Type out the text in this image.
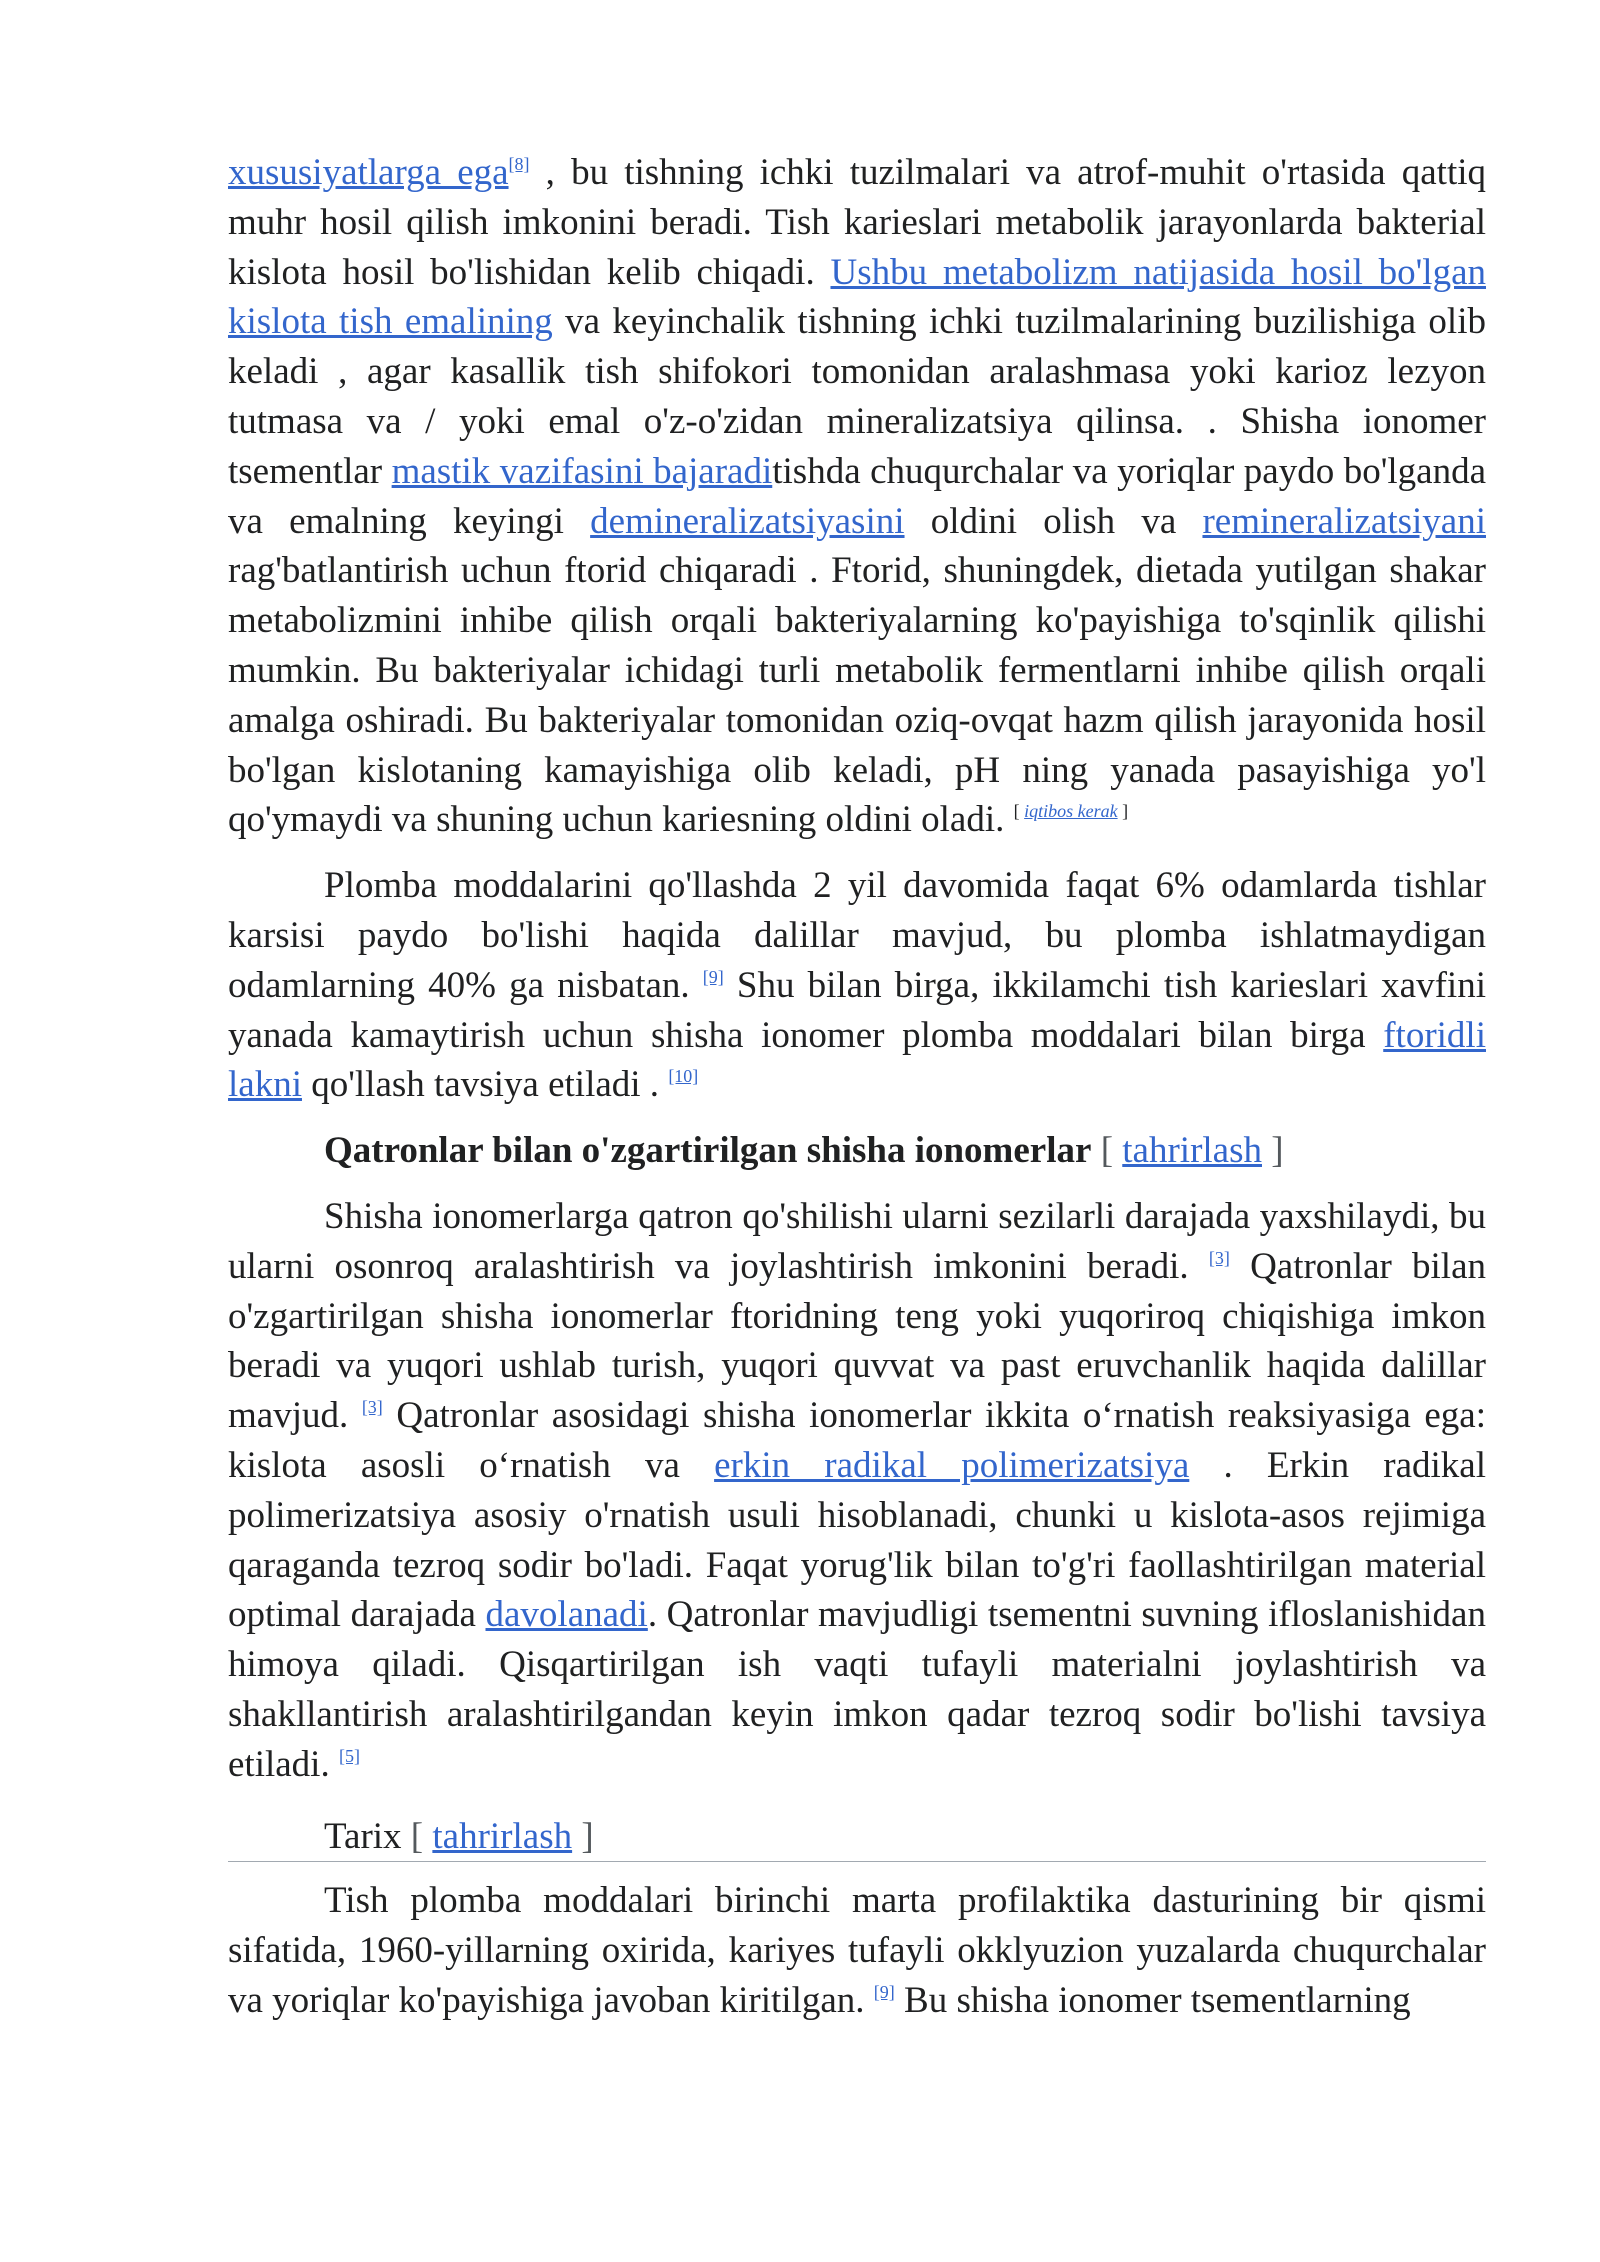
xususiyatlarga ega[8] , bu tishning ichki tuzilmalari va atrof-muhit o'rtasida qattiq muhr hosil qilish imkonini beradi. Tish karieslari metabolik jarayonlarda bakterial kislota hosil bo'lishidan kelib chiqadi. Ushbu metabolizm natijasida hosil bo'lgan kislota tish emalining va keyinchalik tishning ichki tuzilmalarining buzilishiga olib keladi , agar kasallik tish shifokori tomonidan aralashmasa yoki karioz lezyon tutmasa va / yoki emal o'z-o'zidan mineralizatsiya qilinsa. . Shisha ionomer tsementlar mastik vazifasini bajaraditishda chuqurchalar va yoriqlar paydo bo'lganda va emalning keyingi demineralizatsiyasini oldini olish va remineralizatsiyani rag'batlantirish uchun ftorid chiqaradi . Ftorid, shuningdek, dietada yutilgan shakar metabolizmini inhibe qilish orqali bakteriyalarning ko'payishiga to'sqinlik qilishi mumkin. Bu bakteriyalar ichidagi turli metabolik fermentlarni inhibe qilish orqali amalga oshiradi. Bu bakteriyalar tomonidan oziq-ovqat hazm qilish jarayonida hosil bo'lgan kislotaning kamayishiga olib keladi, pH ning yanada pasayishiga yo'l qo'ymaydi va shuning uchun kariesning oldini oladi. [ iqtibos kerak ]

Plomba moddalarini qo'llashda 2 yil davomida faqat 6% odamlarda tishlar karsisi paydo bo'lishi haqida dalillar mavjud, bu plomba ishlatmaydigan odamlarning 40% ga nisbatan. [9] Shu bilan birga, ikkilamchi tish karieslari xavfini yanada kamaytirish uchun shisha ionomer plomba moddalari bilan birga ftoridli lakni qo'llash tavsiya etiladi . [10]

Qatronlar bilan o'zgartirilgan shisha ionomerlar [ tahrirlash ]

Shisha ionomerlarga qatron qo'shilishi ularni sezilarli darajada yaxshilaydi, bu ularni osonroq aralashtirish va joylashtirish imkonini beradi. [3] Qatronlar bilan o'zgartirilgan shisha ionomerlar ftoridning teng yoki yuqoriroq chiqishiga imkon beradi va yuqori ushlab turish, yuqori quvvat va past eruvchanlik haqida dalillar mavjud. [3] Qatronlar asosidagi shisha ionomerlar ikkita oʻrnatish reaksiyasiga ega: kislota asosli oʻrnatish va erkin radikal polimerizatsiya . Erkin radikal polimerizatsiya asosiy o'rnatish usuli hisoblanadi, chunki u kislota-asos rejimiga qaraganda tezroq sodir bo'ladi. Faqat yorug'lik bilan to'g'ri faollashtirilgan material optimal darajada davolanadi. Qatronlar mavjudligi tsementni suvning ifloslanishidan himoya qiladi. Qisqartirilgan ish vaqti tufayli materialni joylashtirish va shakllantirish aralashtirilgandan keyin imkon qadar tezroq sodir bo'lishi tavsiya etiladi. [5]

Tarix [ tahrirlash ]

Tish plomba moddalari birinchi marta profilaktika dasturining bir qismi sifatida, 1960-yillarning oxirida, kariyes tufayli okklyuzion yuzalarda chuqurchalar va yoriqlar ko'payishiga javoban kiritilgan. [9] Bu shisha ionomer tsementlarning
